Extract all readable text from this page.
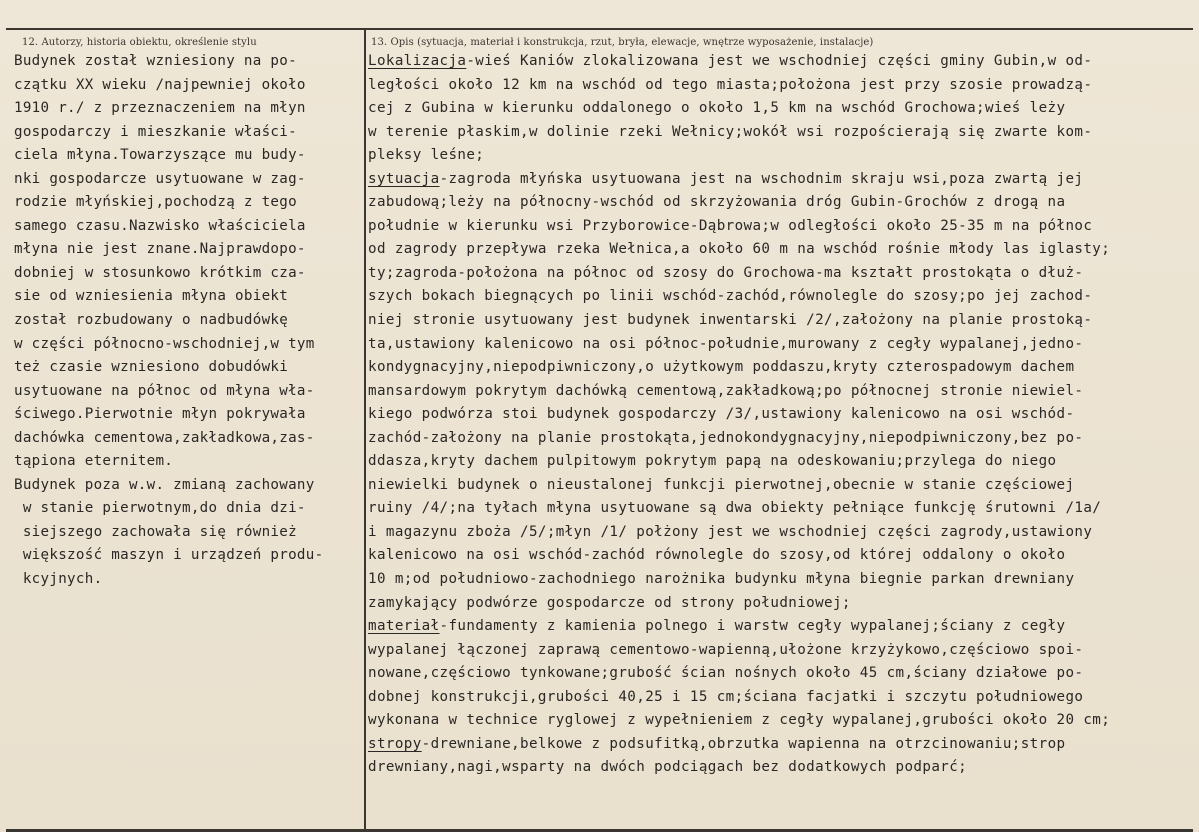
12. Autorzy, historia obiektu, określenie stylu	13. Opis (sytuacja, materiał i konstrukcja, rzut, bryła, elewacje, wnętrze wyposażenie, instalacje)
Budynek został wzniesiony na po-
czątku XX wieku /najpewniej około
1910 r./ z przeznaczeniem na młyn
gospodarczy i mieszkanie właści-
ciela młyna.Towarzyszące mu budy-
nki gospodarcze usytuowane w zag-
rodzie młyńskiej,pochodzą z tego
samego czasu.Nazwisko właściciela
młyna nie jest znane.Najprawdopo-
dobniej w stosunkowo krótkim cza-
sie od wzniesienia młyna obiekt
został rozbudowany o nadbudówkę
w części północno-wschodniej,w tym
też czasie wzniesiono dobudówki
usytuowane na północ od młyna wła-
ściwego.Pierwotnie młyn pokrywała
dachówka cementowa,zakładkowa,zas-
tąpiona eternitem.
Budynek poza w.w. zmianą zachowany
w stanie pierwotnym,do dnia dzi-
siejszego zachowała się również
większość maszyn i urządzeń produ-
kcyjnych.
Lokalizacja-wieś Kaniów zlokalizowana jest we wschodniej części gminy Gubin,w od-
ległości około 12 km na wschód od tego miasta;położona jest przy szosie prowadzą-
cej z Gubina w kierunku oddalonego o około 1,5 km na wschód Grochowa;wieś leży
w terenie płaskim,w dolinie rzeki Wełnicy;wokół wsi rozpościerają się zwarte kom-
pleksy leśne;
sytuacja-zagroda młyńska usytuowana jest na wschodnim skraju wsi,poza zwartą jej
zabudową;leży na północny-wschód od skrzyżowania dróg Gubin-Grochów z drogą na
południe w kierunku wsi Przyborowice-Dąbrowa;w odległości około 25-35 m na północ
od zagrody przepływa rzeka Wełnica,a około 60 m na wschód rośnie młody las iglasty;
ty;zagroda-położona na północ od szosy do Grochowa-ma kształt prostokąta o dłuż-
szych bokach biegnących po linii wschód-zachód,równolegle do szosy;po jej zachod-
niej stronie usytuowany jest budynek inwentarski /2/,założony na planie prostoką-
ta,ustawiony kalenicowo na osi północ-południe,murowany z cegły wypalanej,jedno-
kondygnacyjny,niepodpiwniczony,o użytkowym poddaszu,kryty czterospadowym dachem
mansardowym pokrytym dachówką cementową,zakładkową;po północnej stronie niewiel-
kiego podwórza stoi budynek gospodarczy /3/,ustawiony kalenicowo na osi wschód-
zachód-założony na planie prostokąta,jednokondygnacyjny,niepodpiwniczony,bez po-
ddasza,kryty dachem pulpitowym pokrytym papą na odeskowaniu;przylega do niego
niewielki budynek o nieustalonej funkcji pierwotnej,obecnie w stanie częściowej
ruiny /4/;na tyłach młyna usytuowane są dwa obiekty pełniące funkcję śrutowni /1a/
i magazynu zboża /5/;młyn /1/ połżony jest we wschodniej części zagrody,ustawiony
kalenicowo na osi wschód-zachód równolegle do szosy,od której oddalony o około
10 m;od południowo-zachodniego narożnika budynku młyna biegnie parkan drewniany
zamykający podwórze gospodarcze od strony południowej;
materiał-fundamenty z kamienia polnego i warstw cegły wypalanej;ściany z cegły
wypalanej łączonej zaprawą cementowo-wapienną,ułożone krzyżykowo,częściowo spoi-
nowane,częściowo tynkowane;grubość ścian nośnych około 45 cm,ściany działowe po-
dobnej konstrukcji,grubości 40,25 i 15 cm;ściana facjatki i szczytu południowego
wykonana w technice ryglowej z wypełnieniem z cegły wypalanej,grubości około 20 cm;
stropy-drewniane,belkowe z podsufitką,obrzutka wapienna na otrzcinowaniu;strop
drewniany,nagi,wsparty na dwóch podciągach bez dodatkowych podparć;
